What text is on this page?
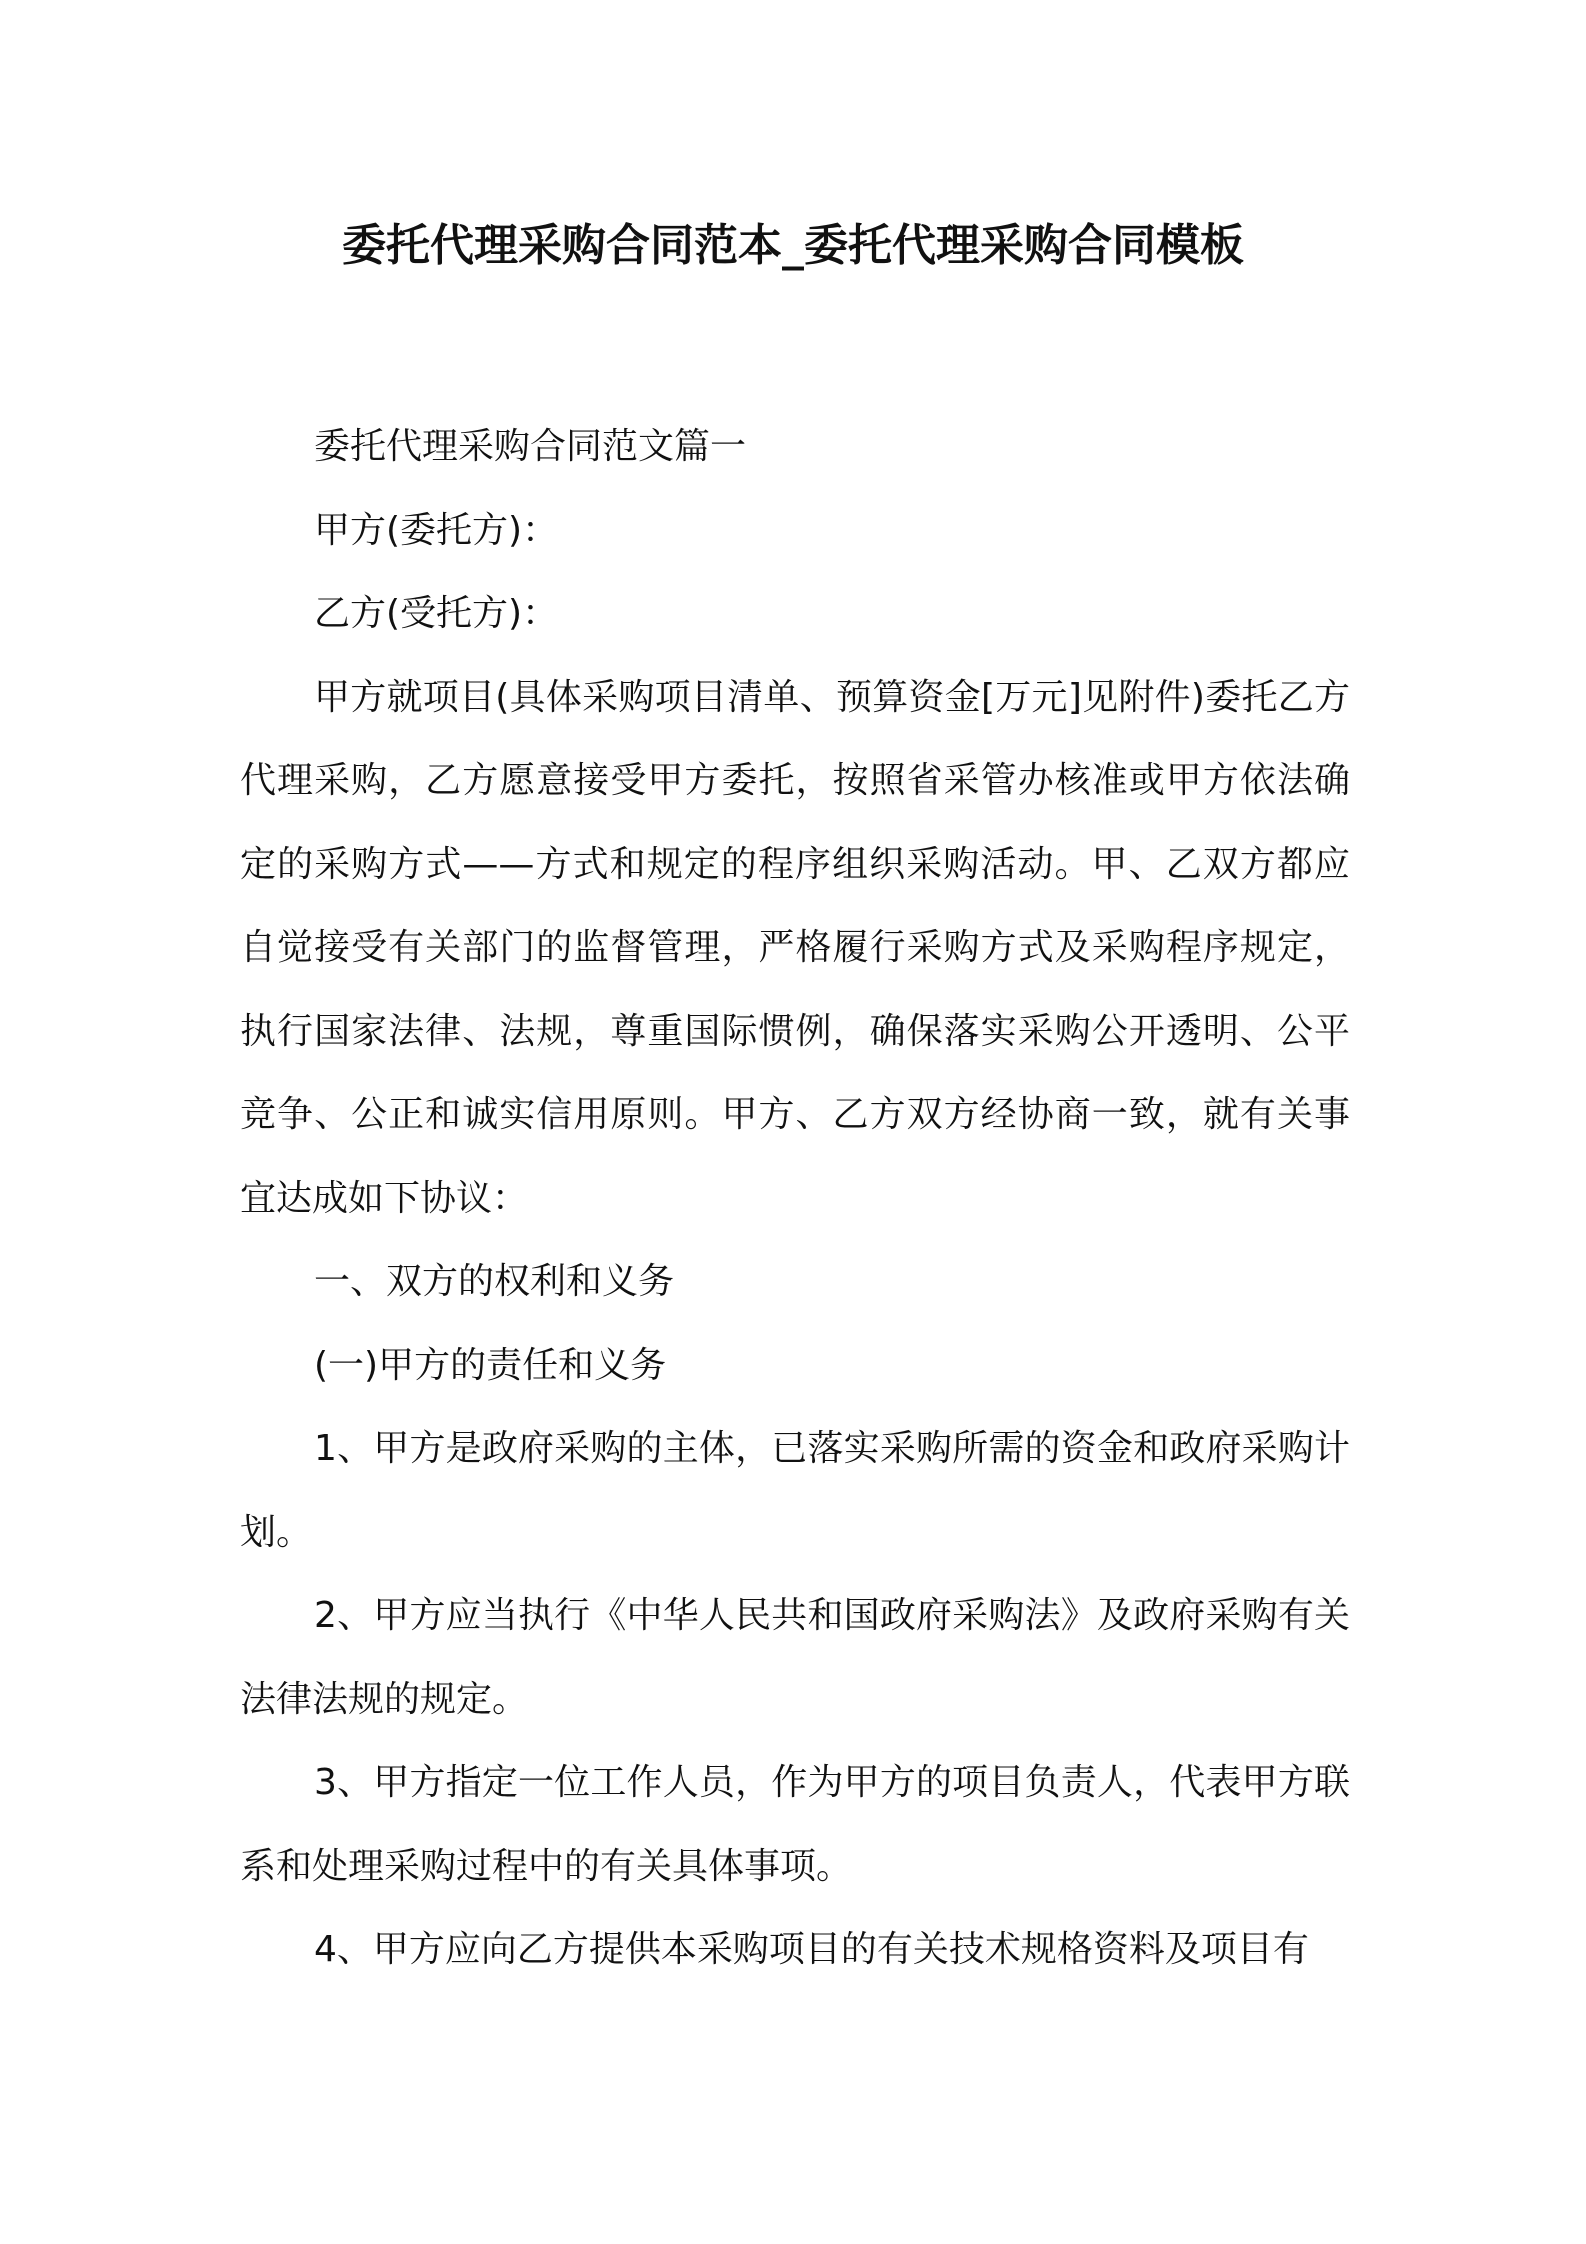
委托代理采购合同范本_委托代理采购合同模板

委托代理采购合同范文篇一

甲方(委托方)：

乙方(受托方)：

甲方就项目(具体采购项目清单、预算资金[万元]见附件)委托乙方代理采购，乙方愿意接受甲方委托，按照省采管办核准或甲方依法确定的采购方式——方式和规定的程序组织采购活动。甲、乙双方都应自觉接受有关部门的监督管理，严格履行采购方式及采购程序规定，执行国家法律、法规，尊重国际惯例，确保落实采购公开透明、公平竞争、公正和诚实信用原则。甲方、乙方双方经协商一致，就有关事宜达成如下协议：

一、双方的权利和义务

(一)甲方的责任和义务

1、甲方是政府采购的主体，已落实采购所需的资金和政府采购计划。

2、甲方应当执行《中华人民共和国政府采购法》及政府采购有关法律法规的规定。

3、甲方指定一位工作人员，作为甲方的项目负责人，代表甲方联系和处理采购过程中的有关具体事项。

4、甲方应向乙方提供本采购项目的有关技术规格资料及项目有
